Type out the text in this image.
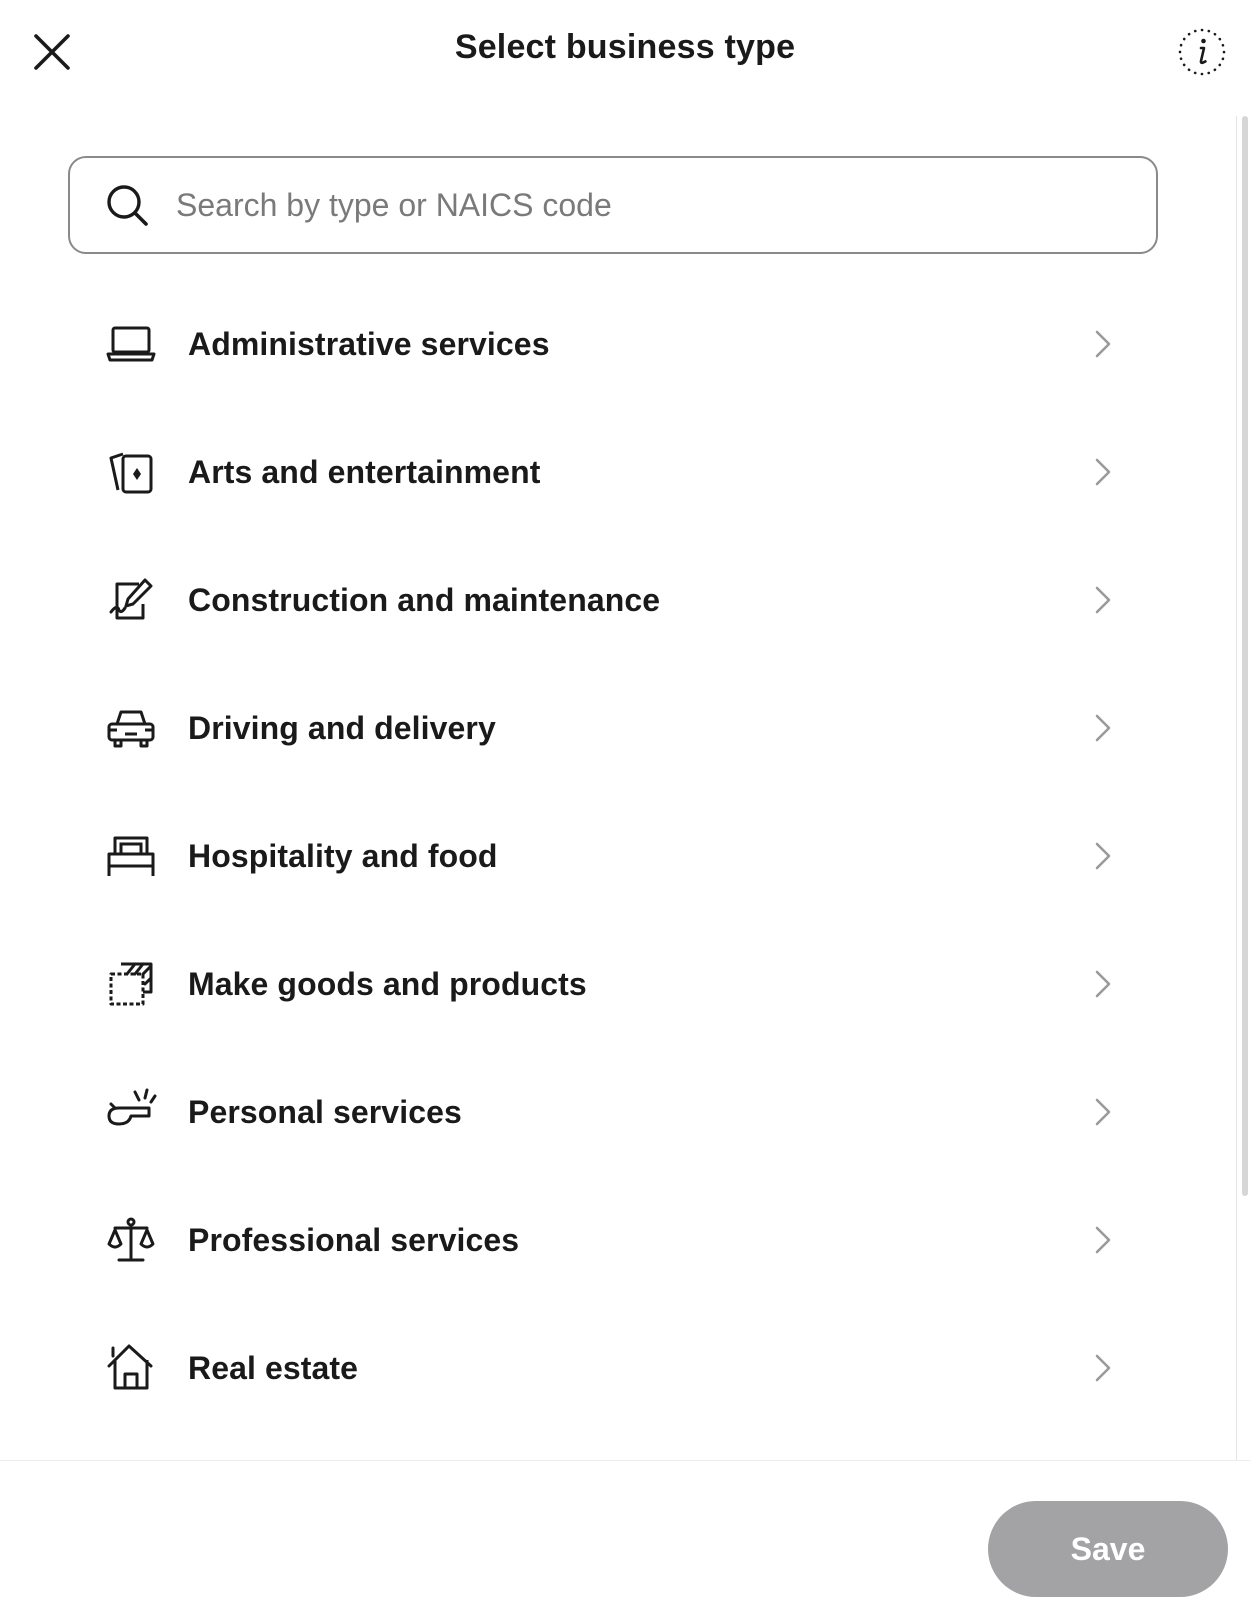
Select business type
Search by type or NAICS code
Administrative services
Arts and entertainment
Construction and maintenance
Driving and delivery
Hospitality and food
Make goods and products
Personal services
Professional services
Real estate
Save
